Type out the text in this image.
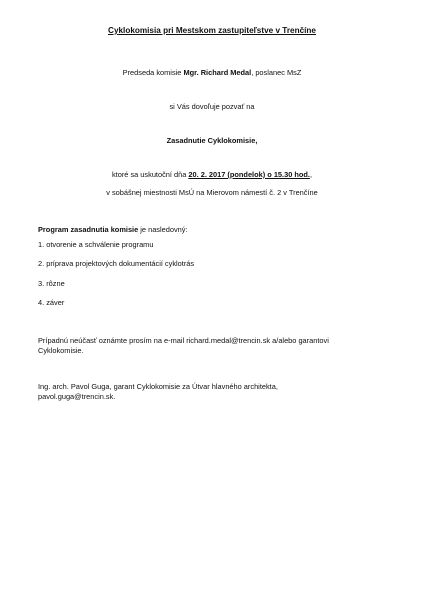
Cyklokomisia pri Mestskom zastupiteľstve v Trenčíne
Predseda komisie Mgr. Richard Medal, poslanec MsZ
si Vás dovoľuje pozvať na
Zasadnutie Cyklokomisie,
ktoré sa uskutoční dňa 20. 2. 2017 (pondelok) o 15.30 hod.,
v sobášnej miestnosti MsÚ na Mierovom námestí č. 2 v Trenčíne
Program zasadnutia komisie je nasledovný:
1. otvorenie a schválenie programu
2. príprava projektových dokumentácií cyklotrás
3. rôzne
4. záver
Prípadnú neúčasť oznámte prosím na e-mail richard.medal@trencin.sk a/alebo garantovi
Cyklokomisie.
Ing. arch. Pavol Guga, garant Cyklokomisie za Útvar hlavného architekta,
pavol.guga@trencin.sk.
